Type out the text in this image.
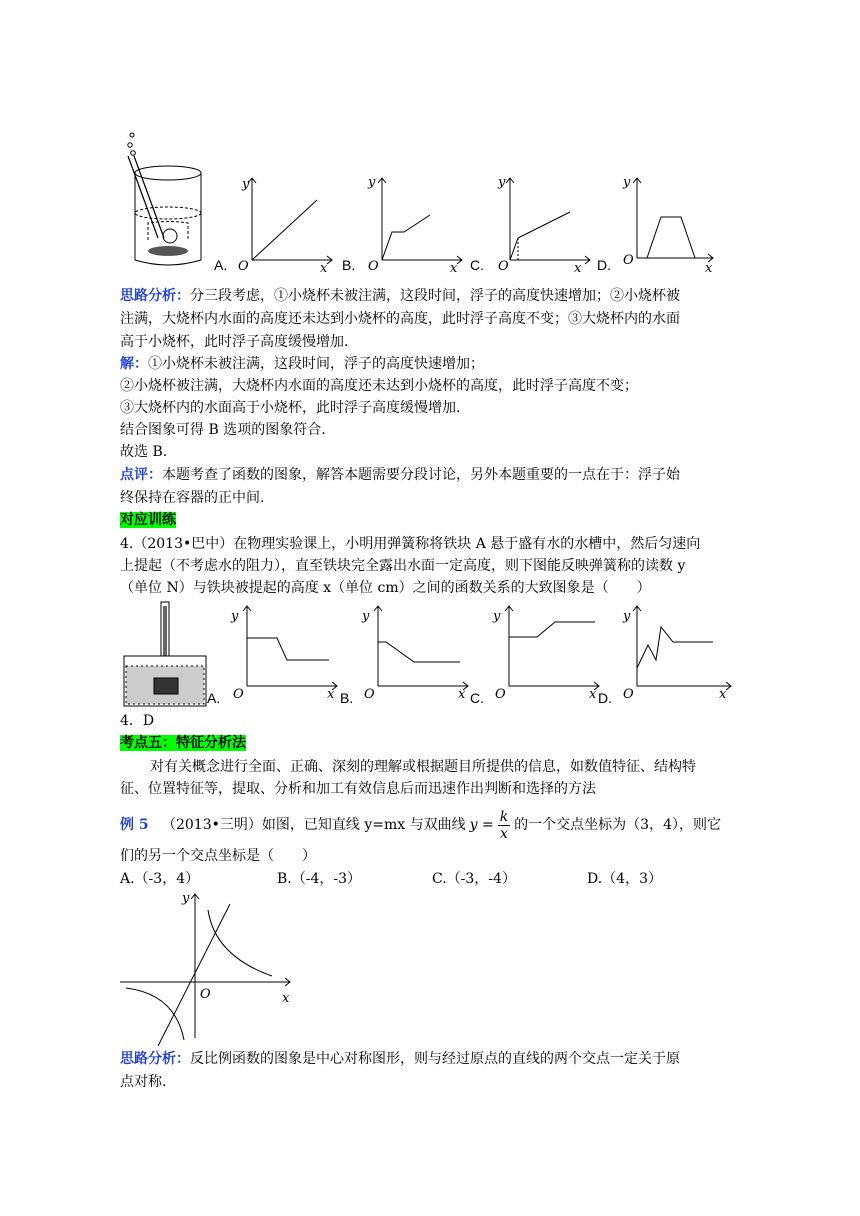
A.
y
x
O	B.
y
x
O	C.
y
x
O	D.
y
x
O
思路分析：分三段考虑，①小烧杯未被注满，这段时间，浮子的高度快速增加；②小烧杯被
注满，大烧杯内水面的高度还未达到小烧杯的高度，此时浮子高度不变；③大烧杯内的水面
高于小烧杯，此时浮子高度缓慢增加.
解：①小烧杯未被注满，这段时间，浮子的高度快速增加；
②小烧杯被注满，大烧杯内水面的高度还未达到小烧杯的高度，此时浮子高度不变；
③大烧杯内的水面高于小烧杯，此时浮子高度缓慢增加.
结合图象可得 B 选项的图象符合.
故选 B.
点评：本题考查了函数的图象，解答本题需要分段讨论，另外本题重要的一点在于：浮子始
终保持在容器的正中间.
对应训练
4.（2013•巴中）在物理实验课上，小明用弹簧称将铁块 A 悬于盛有水的水槽中，然后匀速向
上提起（不考虑水的阻力），直至铁块完全露出水面一定高度，则下图能反映弹簧称的读数 y
（单位 N）与铁块被提起的高度 x（单位 cm）之间的函数关系的大致图象是（　　）
A.
y
x
O	B.
y
x
O	C.
y
x
O	D.
y
x
O
4．D
考点五：特征分析法
对有关概念进行全面、正确、深刻的理解或根据题目所提供的信息，如数值特征、结构特
征、位置特征等，提取、分析和加工有效信息后而迅速作出判断和选择的方法
例 5 （2013•三明）如图，已知直线 y=mx 与双曲线 $y = \frac{k}{x}$ 的一个交点坐标为（3，4），则它
们的另一个交点坐标是（　　）
A.（-3，4）	B.（-4，-3）	C.（-3，-4）	D.（4，3）
y
x
O
思路分析：反比例函数的图象是中心对称图形，则与经过原点的直线的两个交点一定关于原
点对称.
